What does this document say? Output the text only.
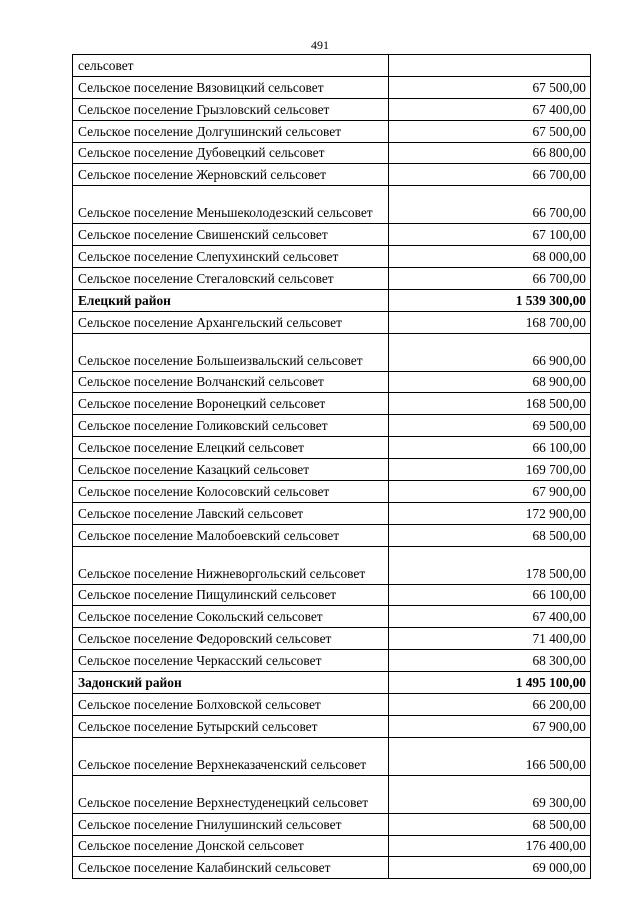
491
сельсовет	
Сельское поселение Вязовицкий сельсовет	67 500,00
Сельское поселение Грызловский сельсовет	67 400,00
Сельское поселение Долгушинский сельсовет	67 500,00
Сельское поселение Дубовецкий сельсовет	66 800,00
Сельское поселение Жерновский сельсовет	66 700,00
Сельское поселение Меньшеколодезский сельсовет	66 700,00
Сельское поселение Свишенский сельсовет	67 100,00
Сельское поселение Слепухинский сельсовет	68 000,00
Сельское поселение Стегаловский сельсовет	66 700,00
Елецкий район	1 539 300,00
Сельское поселение Архангельский сельсовет	168 700,00
Сельское поселение Большеизвальский сельсовет	66 900,00
Сельское поселение Волчанский сельсовет	68 900,00
Сельское поселение Воронецкий сельсовет	168 500,00
Сельское поселение Голиковский сельсовет	69 500,00
Сельское поселение Елецкий сельсовет	66 100,00
Сельское поселение Казацкий сельсовет	169 700,00
Сельское поселение Колосовский сельсовет	67 900,00
Сельское поселение Лавский сельсовет	172 900,00
Сельское поселение Малобоевский сельсовет	68 500,00
Сельское поселение Нижневоргольский сельсовет	178 500,00
Сельское поселение Пищулинский сельсовет	66 100,00
Сельское поселение Сокольский сельсовет	67 400,00
Сельское поселение Федоровский сельсовет	71 400,00
Сельское поселение Черкасский сельсовет	68 300,00
Задонский район	1 495 100,00
Сельское поселение Болховской сельсовет	66 200,00
Сельское поселение Бутырский сельсовет	67 900,00
Сельское поселение Верхнеказаченский сельсовет	166 500,00
Сельское поселение Верхнестуденецкий сельсовет	69 300,00
Сельское поселение Гнилушинский сельсовет	68 500,00
Сельское поселение Донской сельсовет	176 400,00
Сельское поселение Калабинский сельсовет	69 000,00
